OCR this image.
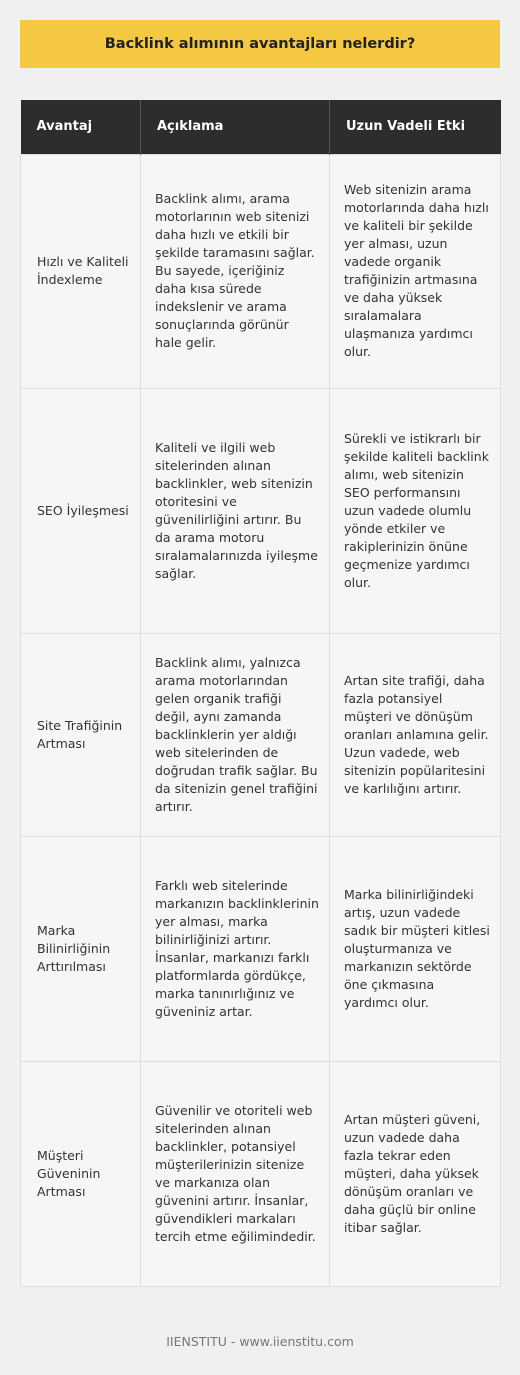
Backlink alımının avantajları nelerdir?
Avantaj	Açıklama	Uzun Vadeli Etki
Hızlı ve Kaliteli İndexleme	Backlink alımı, arama motorlarının web sitenizi daha hızlı ve etkili bir şekilde taramasını sağlar. Bu sayede, içeriğiniz daha kısa sürede indekslenir ve arama sonuçlarında görünür hale gelir.	Web sitenizin arama motorlarında daha hızlı ve kaliteli bir şekilde yer alması, uzun vadede organik trafiğinizin artmasına ve daha yüksek sıralamalara ulaşmanıza yardımcı olur.
SEO İyileşmesi	Kaliteli ve ilgili web sitelerinden alınan backlinkler, web sitenizin otoritesini ve güvenilirliğini artırır. Bu da arama motoru sıralamalarınızda iyileşme sağlar.	Sürekli ve istikrarlı bir şekilde kaliteli backlink alımı, web sitenizin SEO performansını uzun vadede olumlu yönde etkiler ve rakiplerinizin önüne geçmenize yardımcı olur.
Site Trafiğinin Artması	Backlink alımı, yalnızca arama motorlarından gelen organik trafiği değil, aynı zamanda backlinklerin yer aldığı web sitelerinden de doğrudan trafik sağlar. Bu da sitenizin genel trafiğini artırır.	Artan site trafiği, daha fazla potansiyel müşteri ve dönüşüm oranları anlamına gelir. Uzun vadede, web sitenizin popülaritesini ve karlılığını artırır.
Marka Bilinirliğinin Arttırılması	Farklı web sitelerinde markanızın backlinklerinin yer alması, marka bilinirliğinizi artırır. İnsanlar, markanızı farklı platformlarda gördükçe, marka tanınırlığınız ve güveniniz artar.	Marka bilinirliğindeki artış, uzun vadede sadık bir müşteri kitlesi oluşturmanıza ve markanızın sektörde öne çıkmasına yardımcı olur.
Müşteri Güveninin Artması	Güvenilir ve otoriteli web sitelerinden alınan backlinkler, potansiyel müşterilerinizin sitenize ve markanıza olan güvenini artırır. İnsanlar, güvendikleri markaları tercih etme eğilimindedir.	Artan müşteri güveni, uzun vadede daha fazla tekrar eden müşteri, daha yüksek dönüşüm oranları ve daha güçlü bir online itibar sağlar.
IIENSTITU - www.iienstitu.com
